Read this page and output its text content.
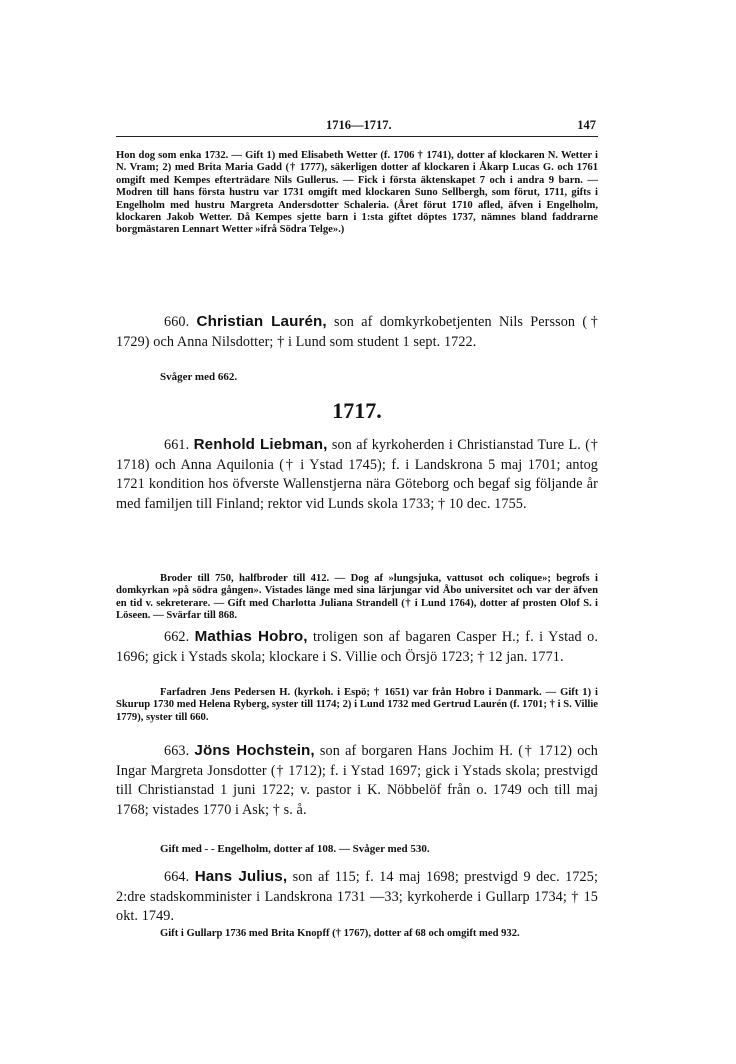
1716—1717.	147

Hon dog som enka 1732. — Gift 1) med Elisabeth Wetter (f. 1706 † 1741), dotter af klockaren N. Wetter i N. Vram; 2) med Brita Maria Gadd († 1777), säkerligen dotter af klockaren i Åkarp Lucas G. och 1761 omgift med Kempes efterträdare Nils Gullerus. — Fick i första äktenskapet 7 och i andra 9 barn. — Modren till hans första hustru var 1731 omgift med klockaren Suno Sellbergh, som förut, 1711, gifts i Engelholm med hustru Margreta Andersdotter Schaleria. (Året förut 1710 afled, äfven i Engelholm, klockaren Jakob Wetter. Då Kempes sjette barn i 1:sta giftet döptes 1737, nämnes bland faddrarne borgmästaren Lennart Wetter »ifrå Södra Telge».)

660. Christian Laurén, son af domkyrkobetjenten Nils Persson († 1729) och Anna Nilsdotter; † i Lund som student 1 sept. 1722.
Svåger med 662.
1717.
661. Renhold Liebman, son af kyrkoherden i Christianstad Ture L. († 1718) och Anna Aquilonia († i Ystad 1745); f. i Landskrona 5 maj 1701; antog 1721 kondition hos öfverste Wallenstjerna nära Göteborg och begaf sig följande år med familjen till Finland; rektor vid Lunds skola 1733; † 10 dec. 1755.

Broder till 750, halfbroder till 412. — Dog af »lungsjuka, vattusot och colique»; begrofs i domkyrkan »på södra gången». Vistades länge med sina lärjungar vid Åbo universitet och var der äfven en tid v. sekreterare. — Gift med Charlotta Juliana Strandell († i Lund 1764), dotter af prosten Olof S. i Löseen. — Svärfar till 868.

662. Mathias Hobro, troligen son af bagaren Casper H.; f. i Ystad o. 1696; gick i Ystads skola; klockare i S. Villie och Örsjö 1723; † 12 jan. 1771.

Farfadren Jens Pedersen H. (kyrkoh. i Espö; † 1651) var från Hobro i Danmark. — Gift 1) i Skurup 1730 med Helena Ryberg, syster till 1174; 2) i Lund 1732 med Gertrud Laurén (f. 1701; † i S. Villie 1779), syster till 660.

663. Jöns Hochstein, son af borgaren Hans Jochim H. († 1712) och Ingar Margreta Jonsdotter († 1712); f. i Ystad 1697; gick i Ystads skola; prestvigd till Christianstad 1 juni 1722; v. pastor i K. Nöbbelöf från o. 1749 och till maj 1768; vistades 1770 i Ask; † s. å.
Gift med - - Engelholm, dotter af 108. — Svåger med 530.
664. Hans Julius, son af 115; f. 14 maj 1698; prestvigd 9 dec. 1725; 2:dre stadskomminister i Landskrona 1731 —33; kyrkoherde i Gullarp 1734; † 15 okt. 1749.

Gift i Gullarp 1736 med Brita Knopff († 1767), dotter af 68 och omgift med 932.
